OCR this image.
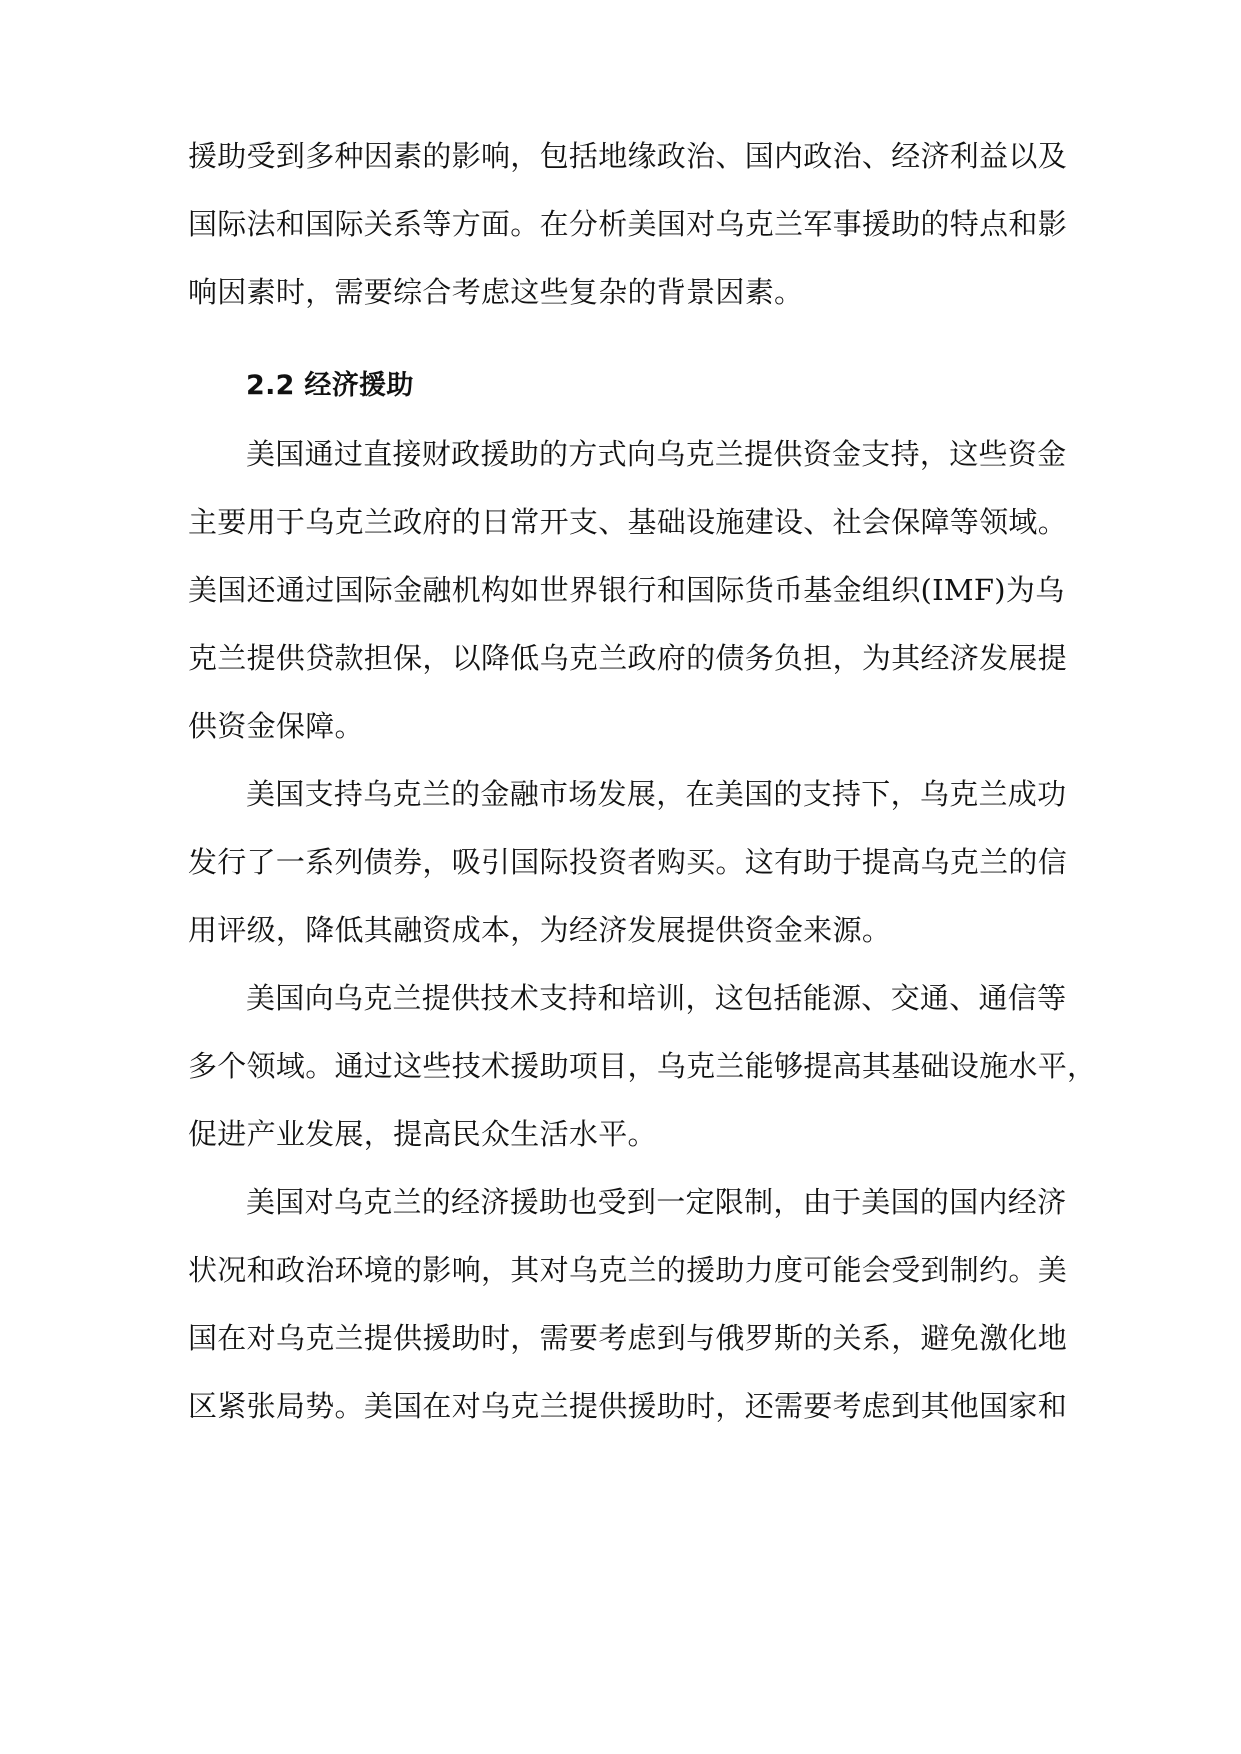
援助受到多种因素的影响，包括地缘政治、国内政治、经济利益以及
国际法和国际关系等方面。在分析美国对乌克兰军事援助的特点和影
响因素时，需要综合考虑这些复杂的背景因素。
2.2 经济援助
美国通过直接财政援助的方式向乌克兰提供资金支持，这些资金
主要用于乌克兰政府的日常开支、基础设施建设、社会保障等领域。
美国还通过国际金融机构如世界银行和国际货币基金组织(IMF)为乌
克兰提供贷款担保，以降低乌克兰政府的债务负担，为其经济发展提
供资金保障。
美国支持乌克兰的金融市场发展，在美国的支持下，乌克兰成功
发行了一系列债券，吸引国际投资者购买。这有助于提高乌克兰的信
用评级，降低其融资成本，为经济发展提供资金来源。
美国向乌克兰提供技术支持和培训，这包括能源、交通、通信等
多个领域。通过这些技术援助项目，乌克兰能够提高其基础设施水平，
促进产业发展，提高民众生活水平。
美国对乌克兰的经济援助也受到一定限制，由于美国的国内经济
状况和政治环境的影响，其对乌克兰的援助力度可能会受到制约。美
国在对乌克兰提供援助时，需要考虑到与俄罗斯的关系，避免激化地
区紧张局势。美国在对乌克兰提供援助时，还需要考虑到其他国家和
